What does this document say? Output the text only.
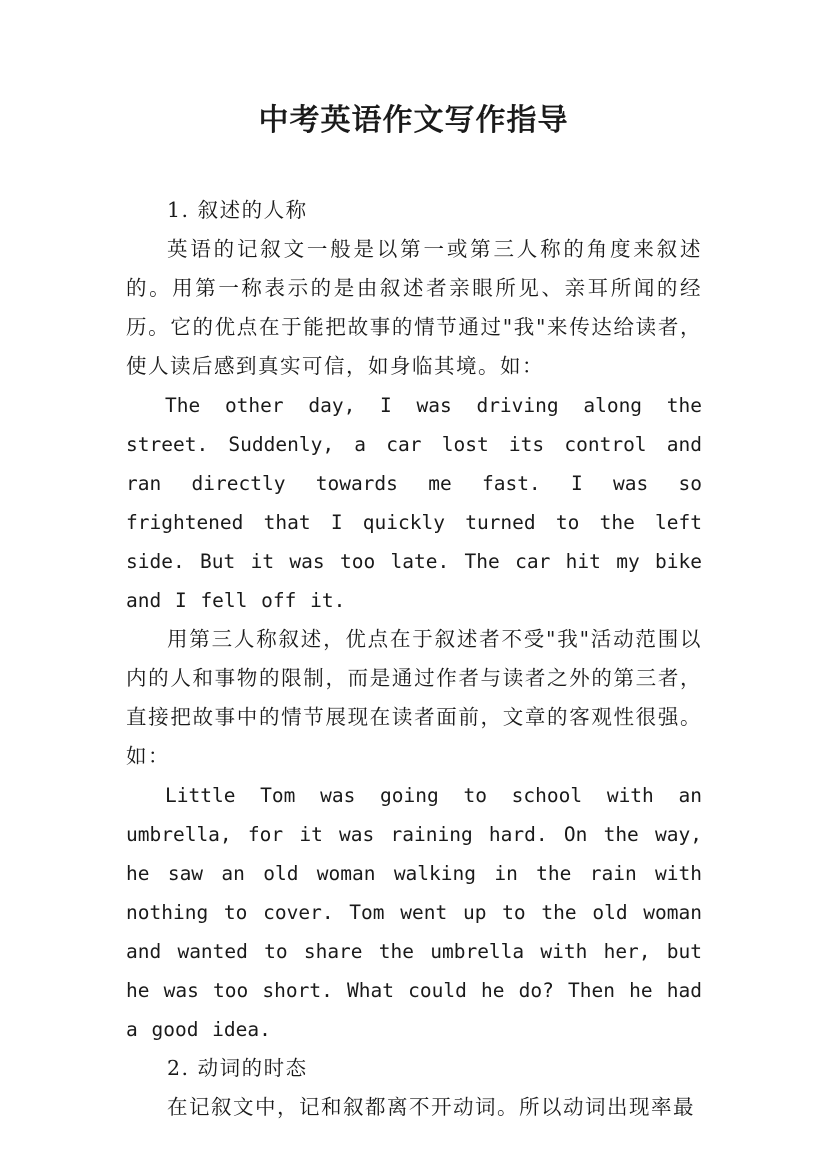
中考英语作文写作指导

1. 叙述的人称

英语的记叙文一般是以第一或第三人称的角度来叙述的。用第一称表示的是由叙述者亲眼所见、亲耳所闻的经历。它的优点在于能把故事的情节通过"我"来传达给读者，使人读后感到真实可信，如身临其境。如：

The other day, I was driving along the street. Suddenly, a car lost its control and ran directly towards me fast. I was so frightened that I quickly turned to the left side. But it was too late. The car hit my bike and I fell off it.

用第三人称叙述，优点在于叙述者不受"我"活动范围以内的人和事物的限制，而是通过作者与读者之外的第三者，直接把故事中的情节展现在读者面前，文章的客观性很强。如：

Little Tom was going to school with an umbrella, for it was raining hard. On the way, he saw an old woman walking in the rain with nothing to cover. Tom went up to the old woman and wanted to share the umbrella with her, but he was too short. What could he do? Then he had a good idea.

2. 动词的时态

在记叙文中，记和叙都离不开动词。所以动词出现率最
